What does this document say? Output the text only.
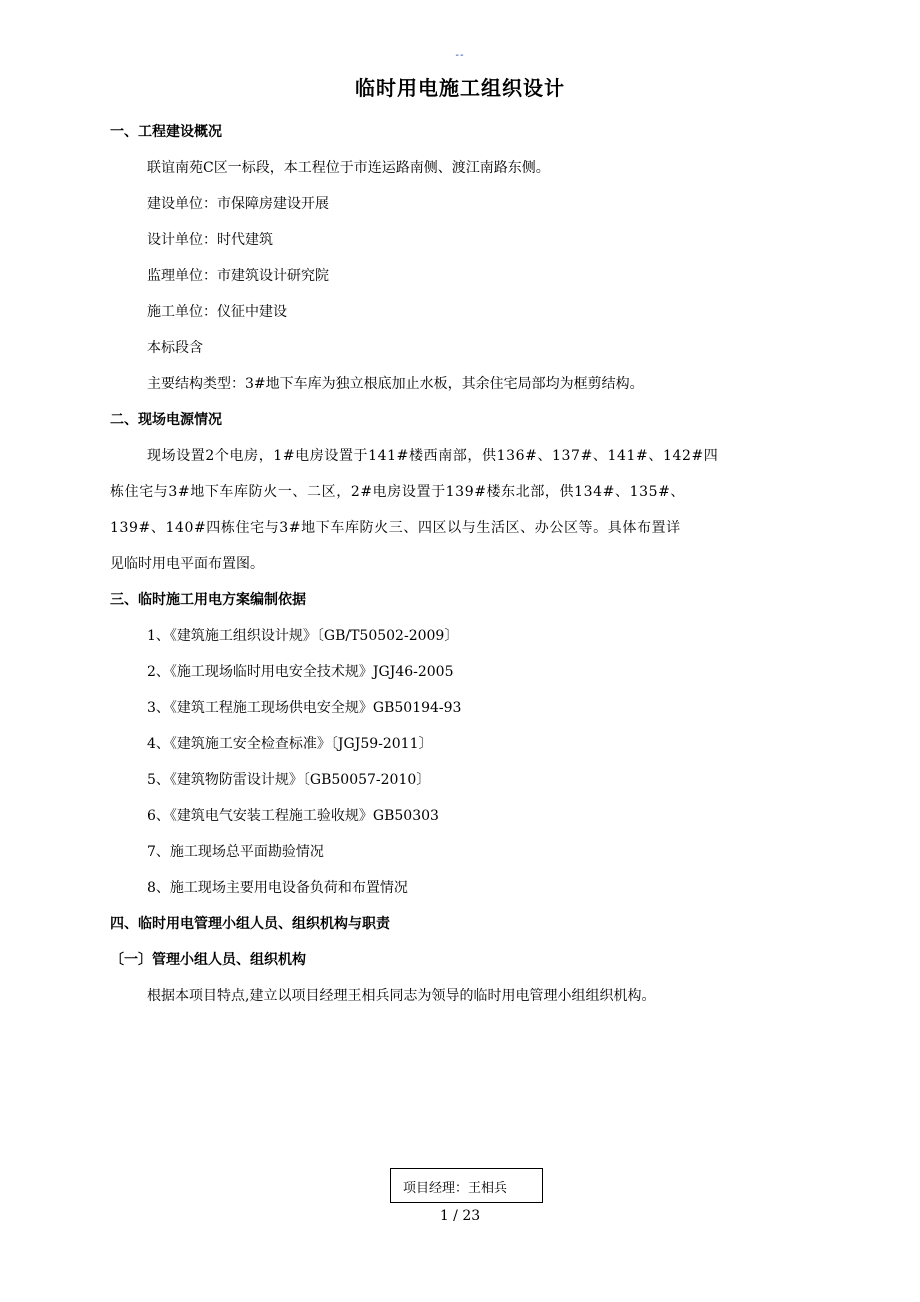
--
临时用电施工组织设计
一、工程建设概况
联谊南苑C区一标段，本工程位于市连运路南侧、渡江南路东侧。
建设单位：市保障房建设开展
设计单位：时代建筑
监理单位：市建筑设计研究院
施工单位：仪征中建设
本标段含
主要结构类型：3#地下车库为独立根底加止水板，其余住宅局部均为框剪结构。
二、现场电源情况
现场设置2个电房，1#电房设置于141#楼西南部，供136#、137#、141#、142#四
栋住宅与3#地下车库防火一、二区，2#电房设置于139#楼东北部，供134#、135#、
139#、140#四栋住宅与3#地下车库防火三、四区以与生活区、办公区等。具体布置详
见临时用电平面布置图。
三、临时施工用电方案编制依据
1、《建筑施工组织设计规》〔GB/T50502-2009〕
2、《施工现场临时用电安全技术规》JGJ46-2005
3、《建筑工程施工现场供电安全规》GB50194-93
4、《建筑施工安全检查标准》〔JGJ59-2011〕
5、《建筑物防雷设计规》〔GB50057-2010〕
6、《建筑电气安装工程施工验收规》GB50303
7、施工现场总平面勘验情况
8、施工现场主要用电设备负荷和布置情况
四、临时用电管理小组人员、组织机构与职责
〔一〕管理小组人员、组织机构
根据本项目特点,建立以项目经理王相兵同志为领导的临时用电管理小组组织机构。
项目经理：王相兵
1 / 23
